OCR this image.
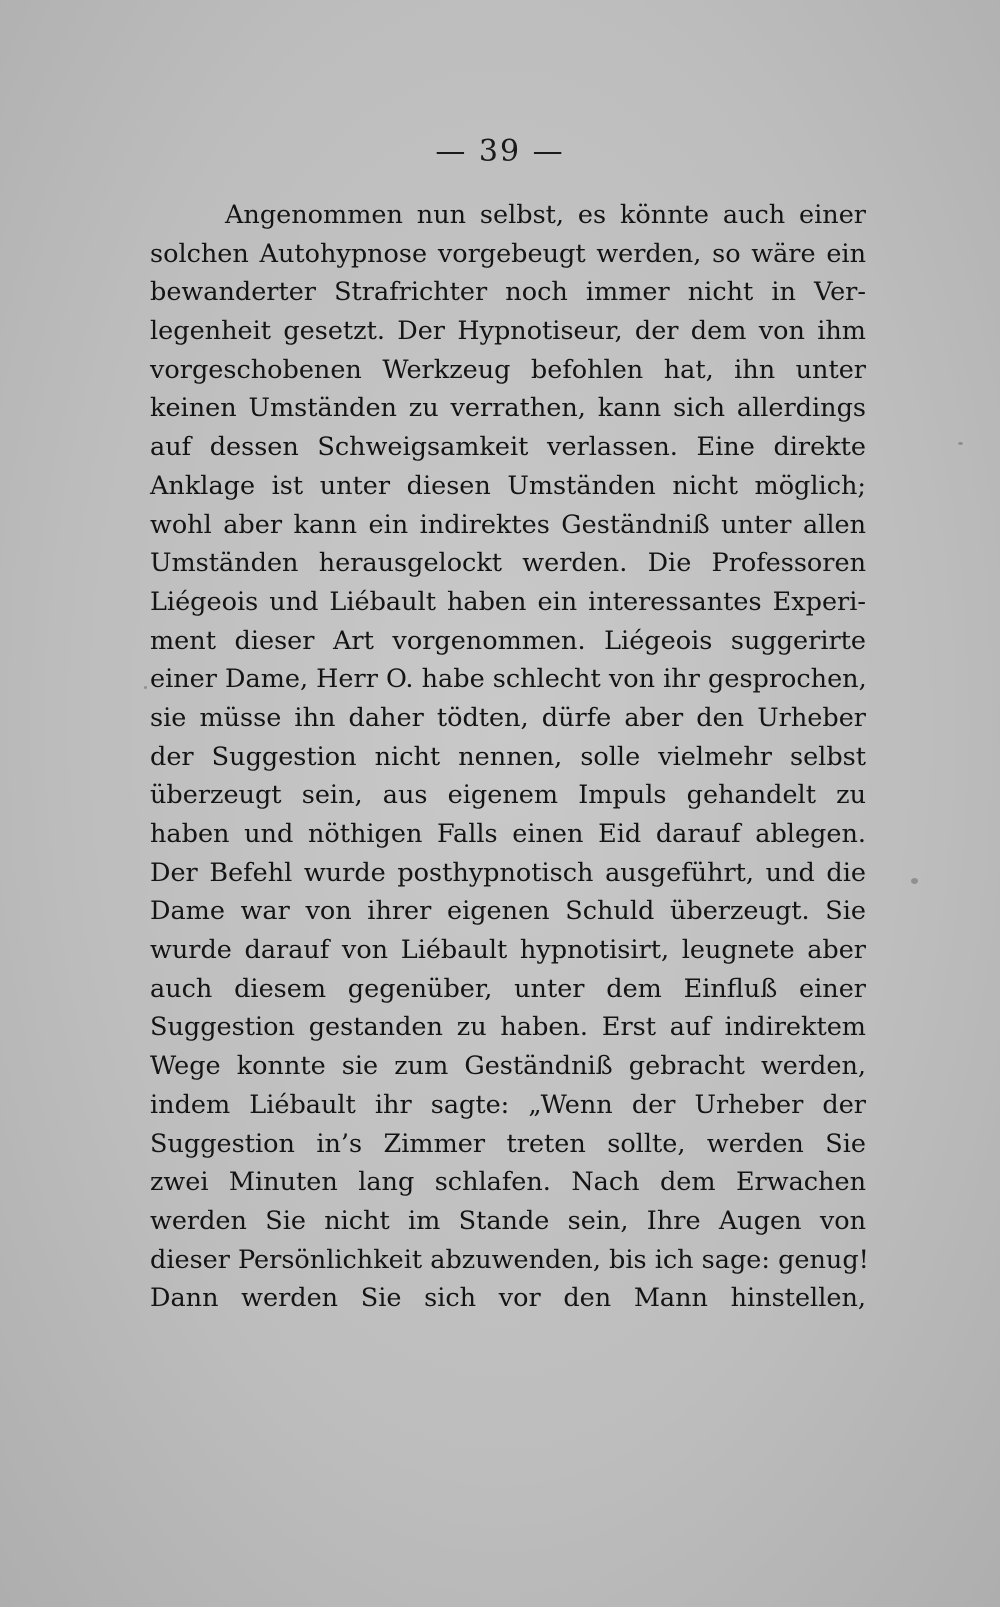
— 39 —

Angenommen nun selbst, es könnte auch einer
solchen Autohypnose vorgebeugt werden, so wäre ein
bewanderter Strafrichter noch immer nicht in Ver-
legenheit gesetzt. Der Hypnotiseur, der dem von ihm
vorgeschobenen Werkzeug befohlen hat, ihn unter
keinen Umständen zu verrathen, kann sich allerdings
auf dessen Schweigsamkeit verlassen. Eine direkte
Anklage ist unter diesen Umständen nicht möglich;
wohl aber kann ein indirektes Geständniß unter allen
Umständen herausgelockt werden. Die Professoren
Liégeois und Liébault haben ein interessantes Experi-
ment dieser Art vorgenommen. Liégeois suggerirte
einer Dame, Herr O. habe schlecht von ihr gesprochen,
sie müsse ihn daher tödten, dürfe aber den Urheber
der Suggestion nicht nennen, solle vielmehr selbst
überzeugt sein, aus eigenem Impuls gehandelt zu
haben und nöthigen Falls einen Eid darauf ablegen.
Der Befehl wurde posthypnotisch ausgeführt, und die
Dame war von ihrer eigenen Schuld überzeugt. Sie
wurde darauf von Liébault hypnotisirt, leugnete aber
auch diesem gegenüber, unter dem Einfluß einer
Suggestion gestanden zu haben. Erst auf indirektem
Wege konnte sie zum Geständniß gebracht werden,
indem Liébault ihr sagte: „Wenn der Urheber der
Suggestion in’s Zimmer treten sollte, werden Sie
zwei Minuten lang schlafen. Nach dem Erwachen
werden Sie nicht im Stande sein, Ihre Augen von
dieser Persönlichkeit abzuwenden, bis ich sage: genug!
Dann werden Sie sich vor den Mann hinstellen,
